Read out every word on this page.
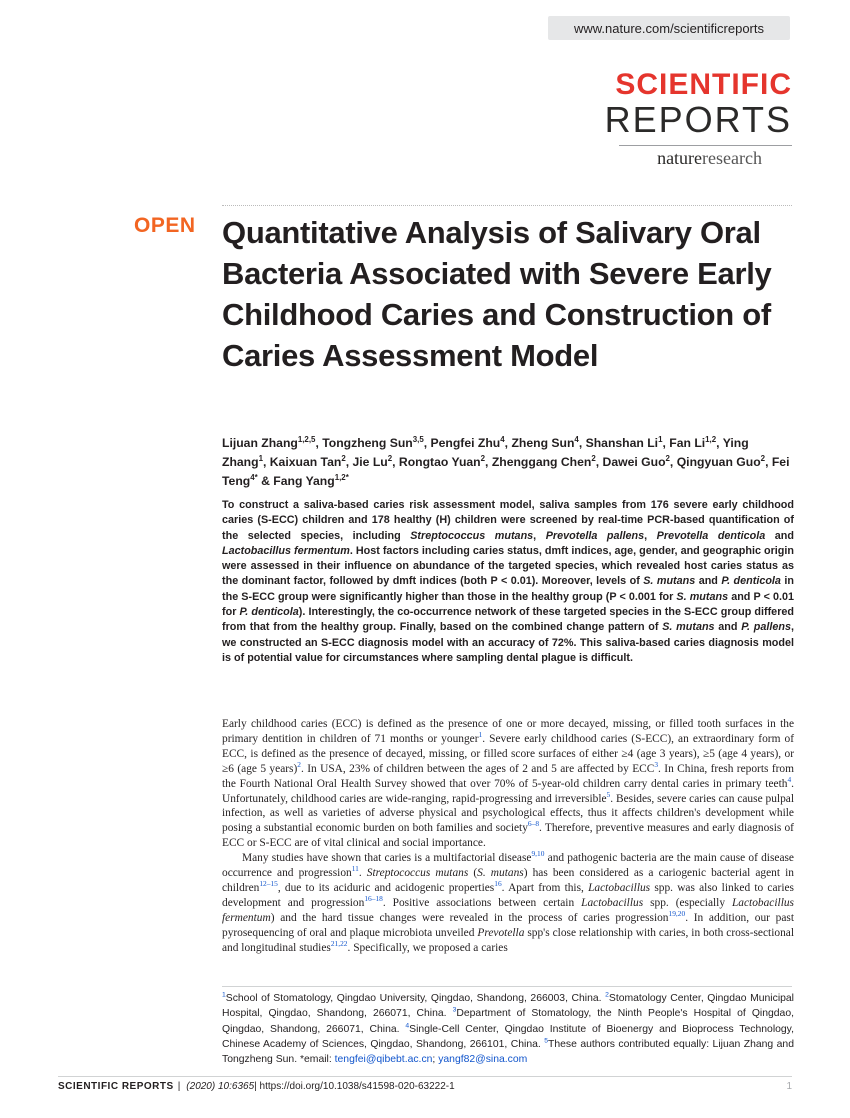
www.nature.com/scientificreports
SCIENTIFIC
REPORTS
natureresearch
OPEN Quantitative Analysis of Salivary Oral Bacteria Associated with Severe Early Childhood Caries and Construction of Caries Assessment Model
Lijuan Zhang$^{1,2,5}$, Tongzheng Sun$^{3,5}$, Pengfei Zhu$^4$, Zheng Sun$^4$, Shanshan Li$^1$, Fan Li$^{1,2}$, Ying Zhang$^1$, Kaixuan Tan$^2$, Jie Lu$^2$, Rongtao Yuan$^2$, Zhenggang Chen$^2$, Dawei Guo$^2$, Qingyuan Guo$^2$, Fei Teng$^{4*}$ & Fang Yang$^{1,2*}$
To construct a saliva-based caries risk assessment model, saliva samples from 176 severe early childhood caries (S-ECC) children and 178 healthy (H) children were screened by real-time PCR-based quantification of the selected species, including Streptococcus mutans, Prevotella pallens, Prevotella denticola and Lactobacillus fermentum. Host factors including caries status, dmft indices, age, gender, and geographic origin were assessed in their influence on abundance of the targeted species, which revealed host caries status as the dominant factor, followed by dmft indices (both P < 0.01). Moreover, levels of S. mutans and P. denticola in the S-ECC group were significantly higher than those in the healthy group (P < 0.001 for S. mutans and P < 0.01 for P. denticola). Interestingly, the co-occurrence network of these targeted species in the S-ECC group differed from that from the healthy group. Finally, based on the combined change pattern of S. mutans and P. pallens, we constructed an S-ECC diagnosis model with an accuracy of 72%. This saliva-based caries diagnosis model is of potential value for circumstances where sampling dental plague is difficult.

Early childhood caries (ECC) is defined as the presence of one or more decayed, missing, or filled tooth surfaces in the primary dentition in children of 71 months or younger$^1$. Severe early childhood caries (S-ECC), an extraordinary form of ECC, is defined as the presence of decayed, missing, or filled score surfaces of either ≥4 (age 3 years), ≥5 (age 4 years), or ≥6 (age 5 years)$^2$. In USA, 23% of children between the ages of 2 and 5 are affected by ECC$^3$. In China, fresh reports from the Fourth National Oral Health Survey showed that over 70% of 5-year-old children carry dental caries in primary teeth$^4$. Unfortunately, childhood caries are wide-ranging, rapid-progressing and irreversible$^5$. Besides, severe caries can cause pulpal infection, as well as varieties of adverse physical and psychological effects, thus it affects children's development while posing a substantial economic burden on both families and society$^{6-8}$. Therefore, preventive measures and early diagnosis of ECC or S-ECC are of vital clinical and social importance.

Many studies have shown that caries is a multifactorial disease$^{9,10}$ and pathogenic bacteria are the main cause of disease occurrence and progression$^{11}$. Streptococcus mutans (S. mutans) has been considered as a cariogenic bacterial agent in children$^{12-15}$, due to its aciduric and acidogenic properties$^{16}$. Apart from this, Lactobacillus spp. was also linked to caries development and progression$^{16-18}$. Positive associations between certain Lactobacillus spp. (especially Lactobacillus fermentum) and the hard tissue changes were revealed in the process of caries progression$^{19,20}$. In addition, our past pyrosequencing of oral and plaque microbiota unveiled Prevotella spp's close relationship with caries, in both cross-sectional and longitudinal studies$^{21,22}$. Specifically, we proposed a caries

$^1$School of Stomatology, Qingdao University, Qingdao, Shandong, 266003, China. $^2$Stomatology Center, Qingdao Municipal Hospital, Qingdao, Shandong, 266071, China. $^3$Department of Stomatology, the Ninth People's Hospital of Qingdao, Qingdao, Shandong, 266071, China. $^4$Single-Cell Center, Qingdao Institute of Bioenergy and Bioprocess Technology, Chinese Academy of Sciences, Qingdao, Shandong, 266101, China. $^5$These authors contributed equally: Lijuan Zhang and Tongzheng Sun. *email: tengfei@qibebt.ac.cn; yangf82@sina.com
SCIENTIFIC REPORTS | (2020) 10:6365 | https://doi.org/10.1038/s41598-020-63222-1	1
